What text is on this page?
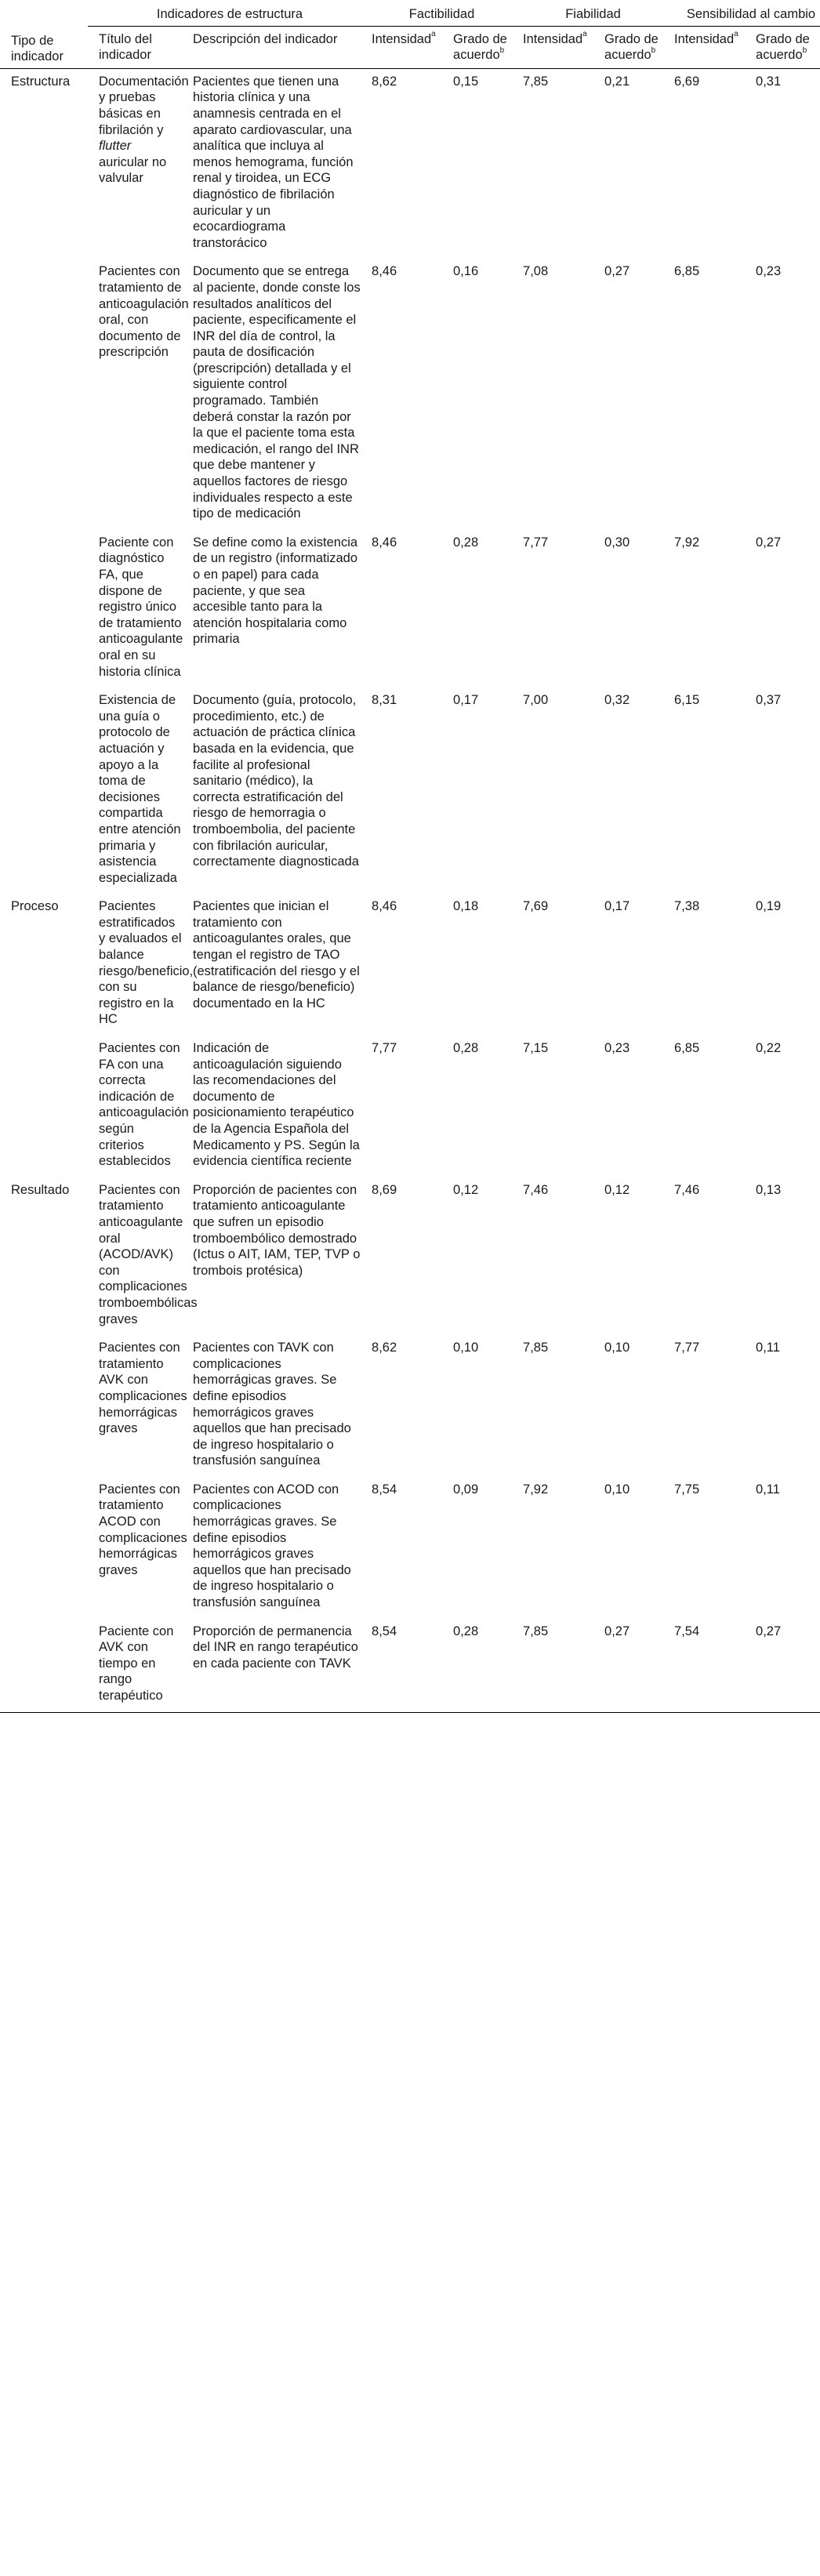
Tipo de indicador	Indicadores de estructura		Factibilidad		Fiabilidad		Sensibilidad al cambio	
	Título del indicador	Descripción del indicador	Intensidad$^a$	Grado de acuerdo$^b$	Intensidad$^a$	Grado de acuerdo$^b$	Intensidad$^a$	Grado de acuerdo$^b$
Estructura	Documentación y pruebas básicas en fibrilación y flutter auricular no valvular	Pacientes que tienen una historia clínica y una anamnesis centrada en el aparato cardiovascular, una analítica que incluya al menos hemograma, función renal y tiroidea, un ECG diagnóstico de fibrilación auricular y un ecocardiograma transtorácico	8,62	0,15	7,85	0,21	6,69	0,31
	Pacientes con tratamiento de anticoagulación oral, con documento de prescripción	Documento que se entrega al paciente, donde conste los resultados analíticos del paciente, especificamente el INR del día de control, la pauta de dosificación (prescripción) detallada y el siguiente control programado. También deberá constar la razón por la que el paciente toma esta medicación, el rango del INR que debe mantener y aquellos factores de riesgo individuales respecto a este tipo de medicación	8,46	0,16	7,08	0,27	6,85	0,23
	Paciente con diagnóstico FA, que dispone de registro único de tratamiento anticoagulante oral en su historia clínica	Se define como la existencia de un registro (informatizado o en papel) para cada paciente, y que sea accesible tanto para la atención hospitalaria como primaria	8,46	0,28	7,77	0,30	7,92	0,27
	Existencia de una guía o protocolo de actuación y apoyo a la toma de decisiones compartida entre atención primaria y asistencia especializada	Documento (guía, protocolo, procedimiento, etc.) de actuación de práctica clínica basada en la evidencia, que facilite al profesional sanitario (médico), la correcta estratificación del riesgo de hemorragia o tromboembolia, del paciente con fibrilación auricular, correctamente diagnosticada	8,31	0,17	7,00	0,32	6,15	0,37
Proceso	Pacientes estratificados y evaluados el balance riesgo/beneficio, con su registro en la HC	Pacientes que inician el tratamiento con anticoagulantes orales, que tengan el registro de TAO (estratificación del riesgo y el balance de riesgo/beneficio) documentado en la HC	8,46	0,18	7,69	0,17	7,38	0,19
	Pacientes con FA con una correcta indicación de anticoagulación según criterios establecidos	Indicación de anticoagulación siguiendo las recomendaciones del documento de posicionamiento terapéutico de la Agencia Española del Medicamento y PS. Según la evidencia científica reciente	7,77	0,28	7,15	0,23	6,85	0,22
Resultado	Pacientes con tratamiento anticoagulante oral (ACOD/AVK) con complicaciones tromboembólicas graves	Proporción de pacientes con tratamiento anticoagulante que sufren un episodio tromboembólico demostrado (Ictus o AIT, IAM, TEP, TVP o trombois protésica)	8,69	0,12	7,46	0,12	7,46	0,13
	Pacientes con tratamiento AVK con complicaciones hemorrágicas graves	Pacientes con TAVK con complicaciones hemorrágicas graves. Se define episodios hemorrágicos graves aquellos que han precisado de ingreso hospitalario o transfusión sanguínea	8,62	0,10	7,85	0,10	7,77	0,11
	Pacientes con tratamiento ACOD con complicaciones hemorrágicas graves	Pacientes con ACOD con complicaciones hemorrágicas graves. Se define episodios hemorrágicos graves aquellos que han precisado de ingreso hospitalario o transfusión sanguínea	8,54	0,09	7,92	0,10	7,75	0,11
	Paciente con AVK con tiempo en rango terapéutico	Proporción de permanencia del INR en rango terapéutico en cada paciente con TAVK	8,54	0,28	7,85	0,27	7,54	0,27
